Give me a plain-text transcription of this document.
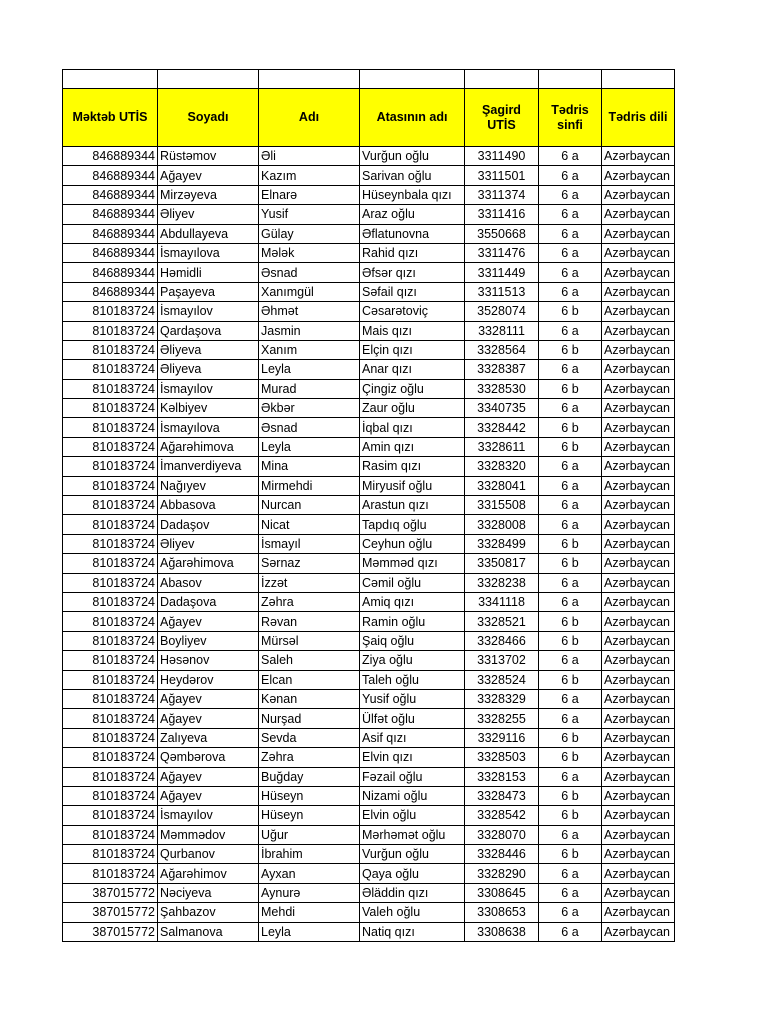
Məktəb UTİS	Soyadı	Adı	Atasının adı	Şagird UTİS	Tədris sinfi	Tədris dili
846889344	Rüstəmov	Əli	Vurğun oğlu	3311490	6 a	Azərbaycan
846889344	Ağayev	Kazım	Sarivan oğlu	3311501	6 a	Azərbaycan
846889344	Mirzəyeva	Elnarə	Hüseynbala qızı	3311374	6 a	Azərbaycan
846889344	Əliyev	Yusif	Araz oğlu	3311416	6 a	Azərbaycan
846889344	Abdullayeva	Gülay	Əflatunovna	3550668	6 a	Azərbaycan
846889344	İsmayılova	Mələk	Rahid qızı	3311476	6 a	Azərbaycan
846889344	Həmidli	Əsnad	Əfsər qızı	3311449	6 a	Azərbaycan
846889344	Paşayeva	Xanımgül	Səfail qızı	3311513	6 a	Azərbaycan
810183724	İsmayılov	Əhmət	Cəsarətoviç	3528074	6 b	Azərbaycan
810183724	Qardaşova	Jasmin	Mais qızı	3328111	6 a	Azərbaycan
810183724	Əliyeva	Xanım	Elçin qızı	3328564	6 b	Azərbaycan
810183724	Əliyeva	Leyla	Anar qızı	3328387	6 a	Azərbaycan
810183724	İsmayılov	Murad	Çingiz oğlu	3328530	6 b	Azərbaycan
810183724	Kəlbiyev	Əkbər	Zaur oğlu	3340735	6 a	Azərbaycan
810183724	İsmayılova	Əsnad	İqbal qızı	3328442	6 b	Azərbaycan
810183724	Ağarəhimova	Leyla	Amin qızı	3328611	6 b	Azərbaycan
810183724	İmanverdiyeva	Mina	Rasim qızı	3328320	6 a	Azərbaycan
810183724	Nağıyev	Mirmehdi	Miryusif oğlu	3328041	6 a	Azərbaycan
810183724	Abbasova	Nurcan	Arastun qızı	3315508	6 a	Azərbaycan
810183724	Dadaşov	Nicat	Tapdıq oğlu	3328008	6 a	Azərbaycan
810183724	Əliyev	İsmayıl	Ceyhun oğlu	3328499	6 b	Azərbaycan
810183724	Ağarəhimova	Sərnaz	Məmməd qızı	3350817	6 b	Azərbaycan
810183724	Abasov	İzzət	Cəmil oğlu	3328238	6 a	Azərbaycan
810183724	Dadaşova	Zəhra	Amiq qızı	3341118	6 a	Azərbaycan
810183724	Ağayev	Rəvan	Ramin oğlu	3328521	6 b	Azərbaycan
810183724	Boyliyev	Mürsəl	Şaiq oğlu	3328466	6 b	Azərbaycan
810183724	Həsənov	Saleh	Ziya oğlu	3313702	6 a	Azərbaycan
810183724	Heydərov	Elcan	Taleh oğlu	3328524	6 b	Azərbaycan
810183724	Ağayev	Kənan	Yusif oğlu	3328329	6 a	Azərbaycan
810183724	Ağayev	Nurşad	Ülfət oğlu	3328255	6 a	Azərbaycan
810183724	Zalıyeva	Sevda	Asif qızı	3329116	6 b	Azərbaycan
810183724	Qəmbərova	Zəhra	Elvin qızı	3328503	6 b	Azərbaycan
810183724	Ağayev	Buğday	Fəzail oğlu	3328153	6 a	Azərbaycan
810183724	Ağayev	Hüseyn	Nizami oğlu	3328473	6 b	Azərbaycan
810183724	İsmayılov	Hüseyn	Elvin oğlu	3328542	6 b	Azərbaycan
810183724	Məmmədov	Uğur	Mərhəmət oğlu	3328070	6 a	Azərbaycan
810183724	Qurbanov	İbrahim	Vurğun oğlu	3328446	6 b	Azərbaycan
810183724	Ağarəhimov	Ayxan	Qaya oğlu	3328290	6 a	Azərbaycan
387015772	Nəciyeva	Aynurə	Əläddin qızı	3308645	6 a	Azərbaycan
387015772	Şahbazov	Mehdi	Valeh oğlu	3308653	6 a	Azərbaycan
387015772	Salmanova	Leyla	Natiq qızı	3308638	6 a	Azərbaycan
